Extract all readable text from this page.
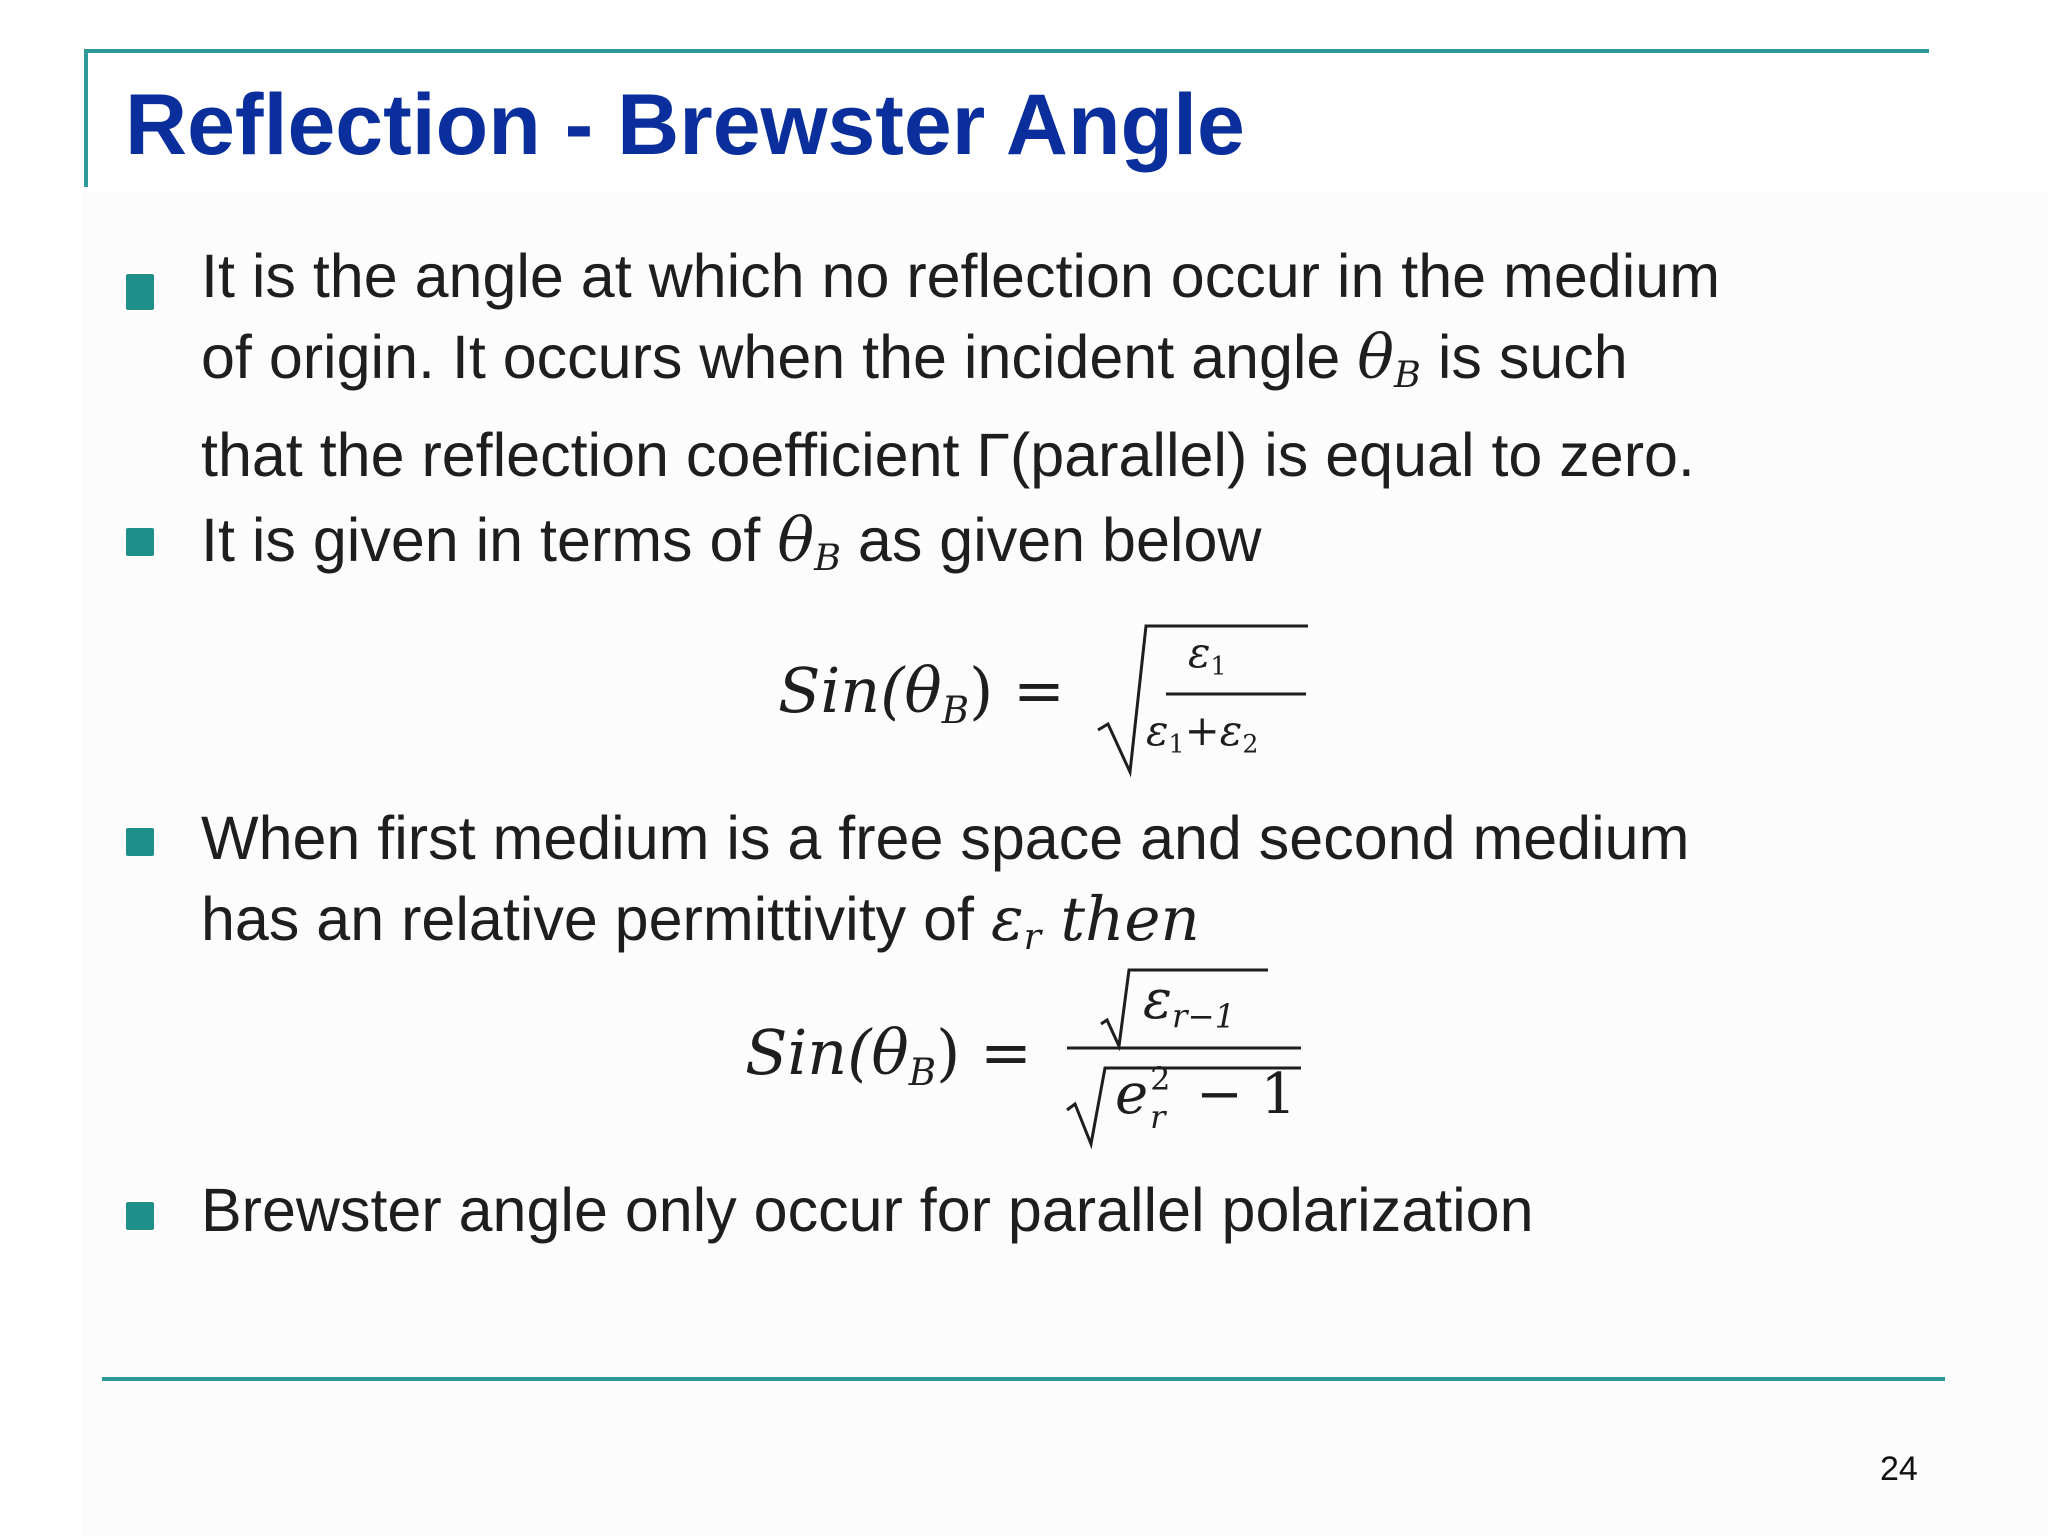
Reflection - Brewster Angle
It is the angle at which no reflection occur in the medium
of origin. It occurs when the incident angle $\theta_B$ is such
that the reflection coefficient Γ(parallel) is equal to zero.
It is given in terms of $\theta_B$ as given below
$Sin(\theta_B)$ =
$\varepsilon_1$
$\varepsilon_1+\varepsilon_2$
When first medium is a free space and second medium
has an relative permittivity of $\varepsilon_r$ then
$Sin(\theta_B)$ =
$\varepsilon_{r-1}$
e 2
r − 1
Brewster angle only occur for parallel polarization
24
